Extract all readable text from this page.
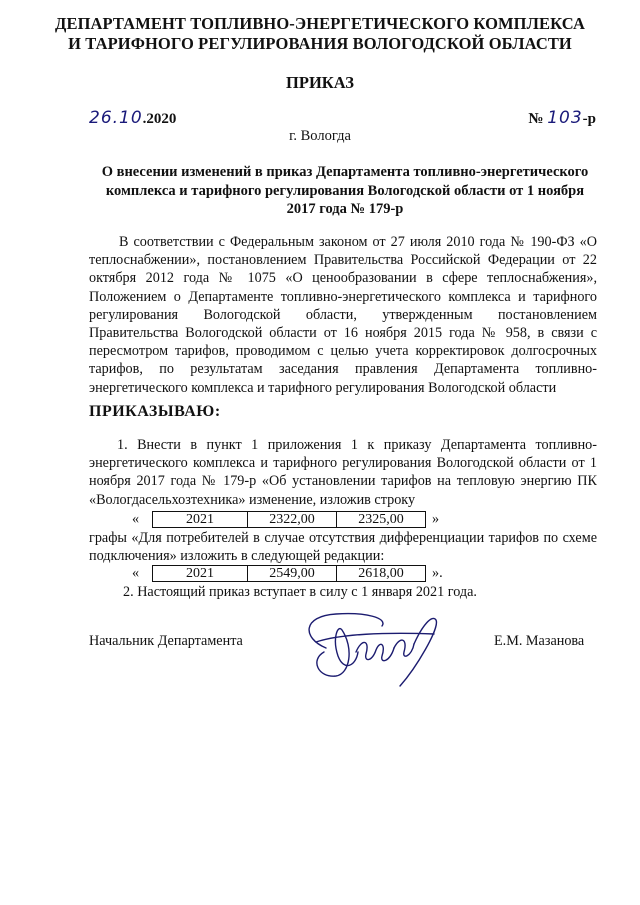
ДЕПАРТАМЕНТ ТОПЛИВНО-ЭНЕРГЕТИЧЕСКОГО КОМПЛЕКСА
И ТАРИФНОГО РЕГУЛИРОВАНИЯ ВОЛОГОДСКОЙ ОБЛАСТИ
ПРИКАЗ
26.10.2020	№ 103-р
г. Вологда
О внесении изменений в приказ Департамента топливно-энергетического комплекса и тарифного регулирования Вологодской области от 1 ноября 2017 года № 179-р
В соответствии с Федеральным законом от 27 июля 2010 года № 190-ФЗ «О теплоснабжении», постановлением Правительства Российской Федерации от 22 октября 2012 года № 1075 «О ценообразовании в сфере теплоснабжения», Положением о Департаменте топливно-энергетического комплекса и тарифного регулирования Вологодской области, утвержденным постановлением Правительства Вологодской области от 16 ноября 2015 года № 958, в связи с пересмотром тарифов, проводимом с целью учета корректировок долгосрочных тарифов, по результатам заседания правления Департамента топливно-энергетического комплекса и тарифного регулирования Вологодской области
ПРИКАЗЫВАЮ:
1. Внести в пункт 1 приложения 1 к приказу Департамента топливно-энергетического комплекса и тарифного регулирования Вологодской области от 1 ноября 2017 года № 179-р «Об установлении тарифов на тепловую энергию ПК «Вологдасельхозтехника» изменение, изложив строку
«	2021	2322,00	2325,00 »
графы «Для потребителей в случае отсутствия дифференциации тарифов по схеме подключения» изложить в следующей редакции:
«	2021	2549,00	2618,00 ».
2. Настоящий приказ вступает в силу с 1 января 2021 года.
Начальник Департамента	Е.М. Мазанова
